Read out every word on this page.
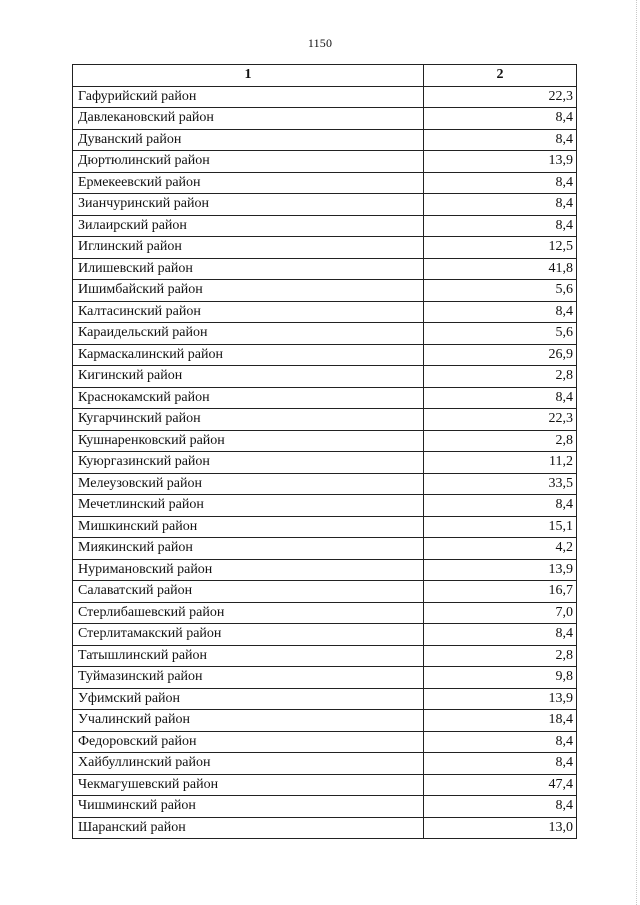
1150
1	2
Гафурийский район	22,3
Давлекановский район	8,4
Дуванский район	8,4
Дюртюлинский район	13,9
Ермекеевский район	8,4
Зианчуринский район	8,4
Зилаирский район	8,4
Иглинский район	12,5
Илишевский район	41,8
Ишимбайский район	5,6
Калтасинский район	8,4
Караидельский район	5,6
Кармаскалинский район	26,9
Кигинский район	2,8
Краснокамский район	8,4
Кугарчинский район	22,3
Кушнаренковский район	2,8
Куюргазинский район	11,2
Мелеузовский район	33,5
Мечетлинский район	8,4
Мишкинский район	15,1
Миякинский район	4,2
Нуримановский район	13,9
Салаватский район	16,7
Стерлибашевский район	7,0
Стерлитамакский район	8,4
Татышлинский район	2,8
Туймазинский район	9,8
Уфимский район	13,9
Учалинский район	18,4
Федоровский район	8,4
Хайбуллинский район	8,4
Чекмагушевский район	47,4
Чишминский район	8,4
Шаранский район	13,0
